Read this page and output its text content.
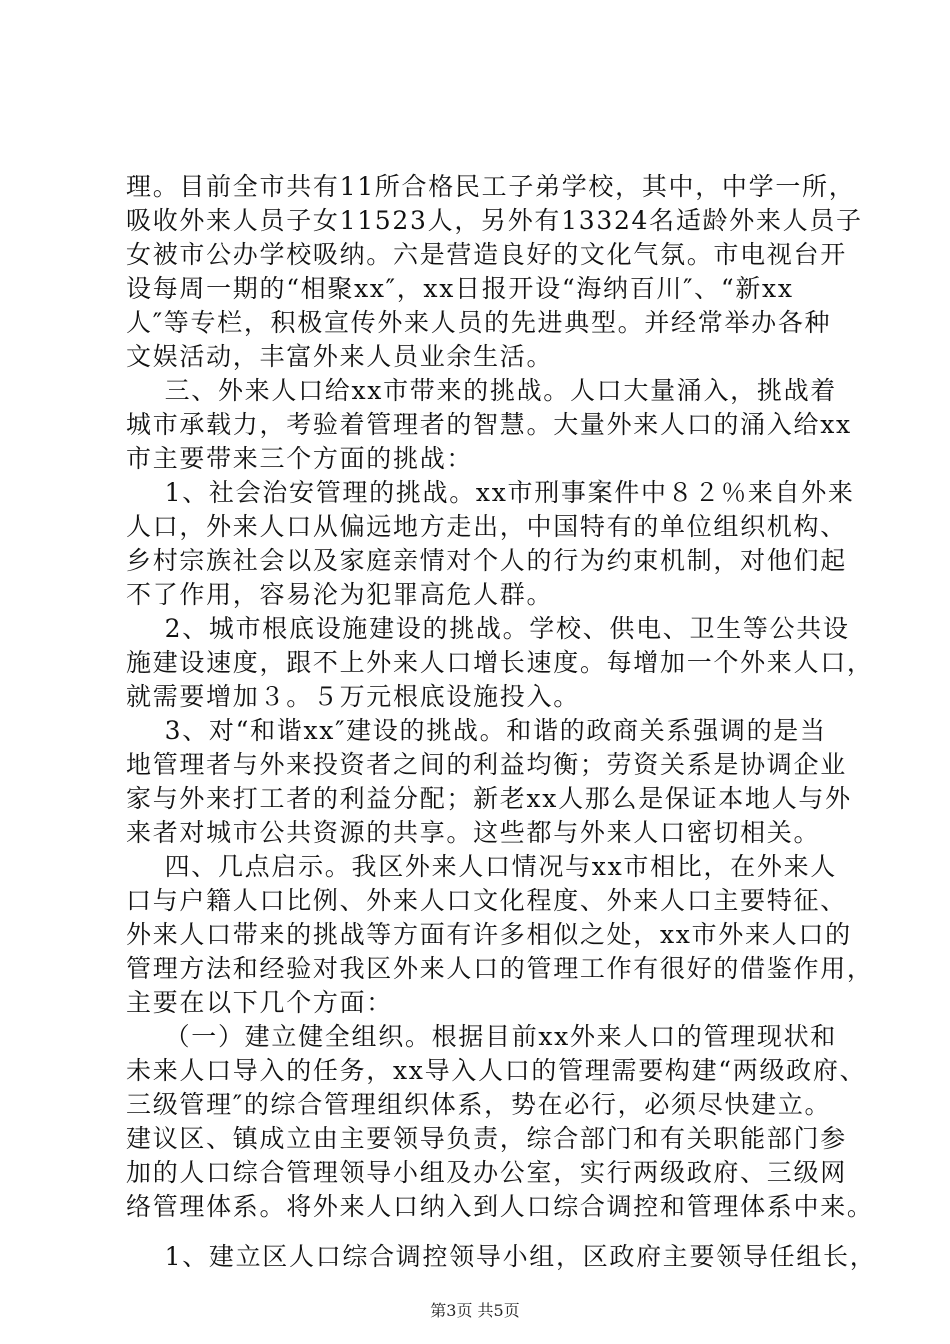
理。目前全市共有11所合格民工子弟学校，其中，中学一所，
吸收外来人员子女11523人，另外有13324名适龄外来人员子
女被市公办学校吸纳。六是营造良好的文化气氛。市电视台开
设每周一期的“相聚xx″，xx日报开设“海纳百川″、“新xx
人″等专栏，积极宣传外来人员的先进典型。并经常举办各种
文娱活动，丰富外来人员业余生活。
三、外来人口给xx市带来的挑战。人口大量涌入，挑战着
城市承载力，考验着管理者的智慧。大量外来人口的涌入给xx
市主要带来三个方面的挑战：
1、社会治安管理的挑战。xx市刑事案件中８２％来自外来
人口，外来人口从偏远地方走出，中国特有的单位组织机构、
乡村宗族社会以及家庭亲情对个人的行为约束机制，对他们起
不了作用，容易沦为犯罪高危人群。
2、城市根底设施建设的挑战。学校、供电、卫生等公共设
施建设速度，跟不上外来人口增长速度。每增加一个外来人口，
就需要增加３。５万元根底设施投入。
3、对“和谐xx″建设的挑战。和谐的政商关系强调的是当
地管理者与外来投资者之间的利益均衡；劳资关系是协调企业
家与外来打工者的利益分配；新老xx人那么是保证本地人与外
来者对城市公共资源的共享。这些都与外来人口密切相关。
四、几点启示。我区外来人口情况与xx市相比，在外来人
口与户籍人口比例、外来人口文化程度、外来人口主要特征、
外来人口带来的挑战等方面有许多相似之处，xx市外来人口的
管理方法和经验对我区外来人口的管理工作有很好的借鉴作用，
主要在以下几个方面：
（一）建立健全组织。根据目前xx外来人口的管理现状和
未来人口导入的任务，xx导入人口的管理需要构建“两级政府、
三级管理″的综合管理组织体系，势在必行，必须尽快建立。
建议区、镇成立由主要领导负责，综合部门和有关职能部门参
加的人口综合管理领导小组及办公室，实行两级政府、三级网
络管理体系。将外来人口纳入到人口综合调控和管理体系中来。
1、建立区人口综合调控领导小组，区政府主要领导任组长，
第3页 共5页
